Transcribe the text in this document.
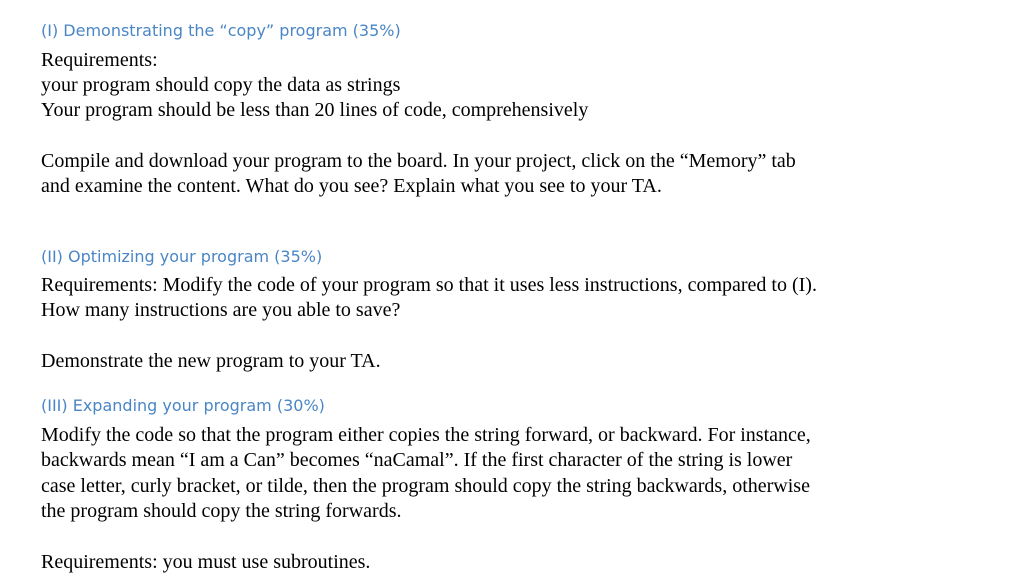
(I) Demonstrating the “copy” program (35%)
Requirements:
your program should copy the data as strings
Your program should be less than 20 lines of code, comprehensively
Compile and download your program to the board. In your project, click on the “Memory” tab
and examine the content. What do you see? Explain what you see to your TA.
(II) Optimizing your program (35%)
Requirements: Modify the code of your program so that it uses less instructions, compared to (I).
How many instructions are you able to save?
Demonstrate the new program to your TA.
(III) Expanding your program (30%)
Modify the code so that the program either copies the string forward, or backward. For instance,
backwards mean “I am a Can” becomes “naCamal”. If the first character of the string is lower
case letter, curly bracket, or tilde, then the program should copy the string backwards, otherwise
the program should copy the string forwards.
Requirements: you must use subroutines.
